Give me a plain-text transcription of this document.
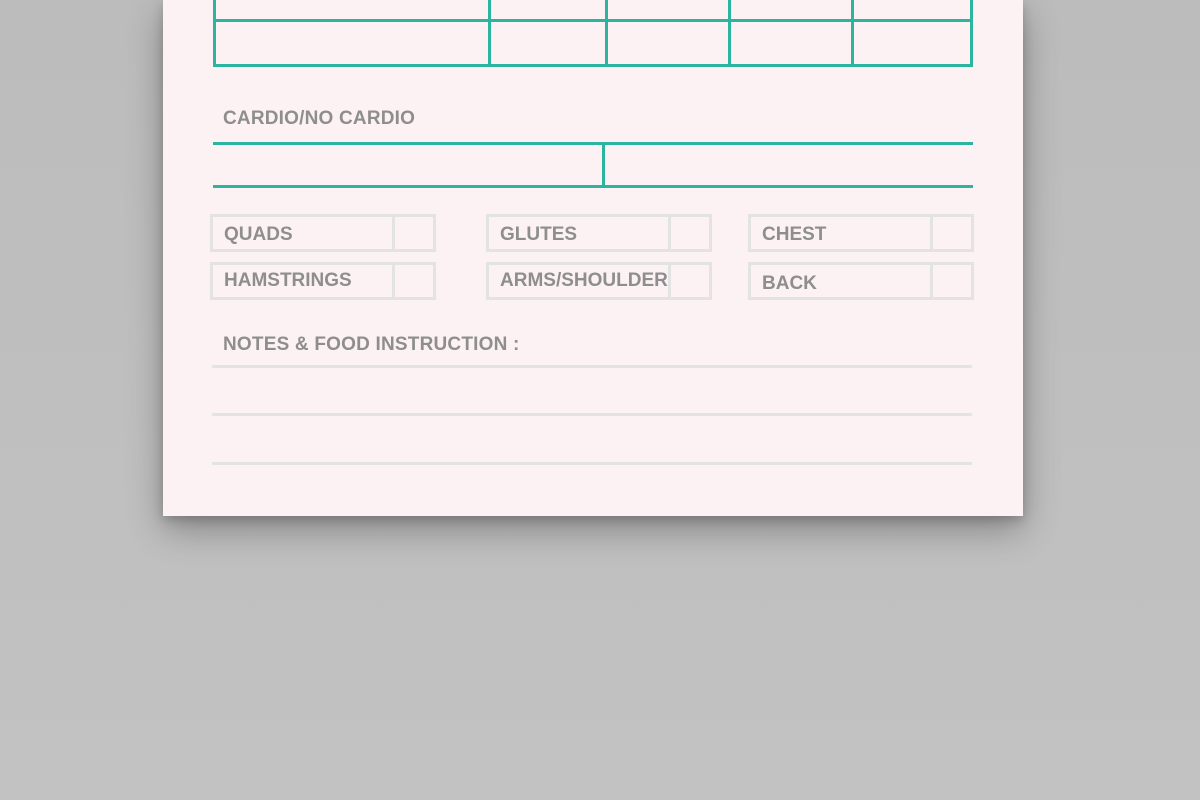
CARDIO/NO CARDIO
QUADS	GLUTES	CHEST
HAMSTRINGS	ARMS/SHOULDER	BACK
NOTES & FOOD INSTRUCTION :
